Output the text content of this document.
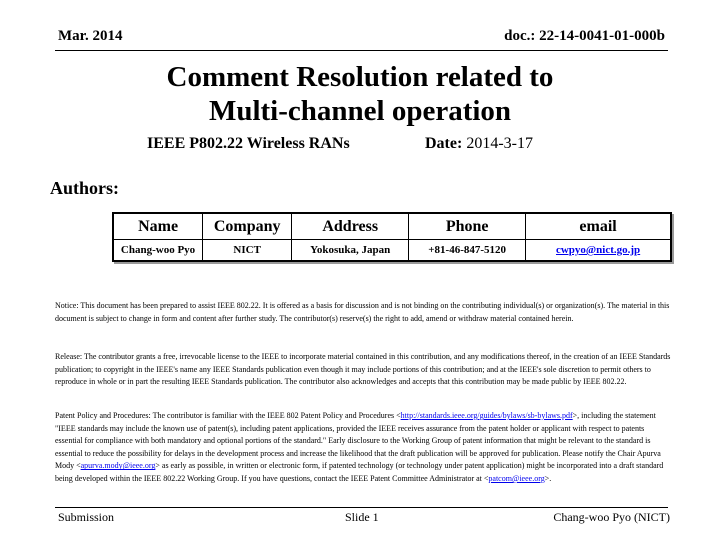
Mar. 2014	doc.: 22-14-0041-01-000b
Comment Resolution related to
Multi-channel operation
IEEE P802.22 Wireless RANs	Date: 2014-3-17
Authors:
Name	Company	Address	Phone	email
Chang-woo Pyo	NICT	Yokosuka, Japan	+81-46-847-5120	cwpyo@nict.go.jp
Notice: This document has been prepared to assist IEEE 802.22. It is offered as a basis for discussion and is not binding on the contributing individual(s) or organization(s). The material in this document is subject to change in form and content after further study. The contributor(s) reserve(s) the right to add, amend or withdraw material contained herein.
Release: The contributor grants a free, irrevocable license to the IEEE to incorporate material contained in this contribution, and any modifications thereof, in the creation of an IEEE Standards publication; to copyright in the IEEE's name any IEEE Standards publication even though it may include portions of this contribution; and at the IEEE's sole discretion to permit others to reproduce in whole or in part the resulting IEEE Standards publication. The contributor also acknowledges and accepts that this contribution may be made public by IEEE 802.22.
Patent Policy and Procedures: The contributor is familiar with the IEEE 802 Patent Policy and Procedures <http://standards.ieee.org/guides/bylaws/sb-bylaws.pdf>, including the statement "IEEE standards may include the known use of patent(s), including patent applications, provided the IEEE receives assurance from the patent holder or applicant with respect to patents essential for compliance with both mandatory and optional portions of the standard." Early disclosure to the Working Group of patent information that might be relevant to the standard is essential to reduce the possibility for delays in the development process and increase the likelihood that the draft publication will be approved for publication. Please notify the Chair Apurva Mody <apurva.mody@ieee.org> as early as possible, in written or electronic form, if patented technology (or technology under patent application) might be incorporated into a draft standard being developed within the IEEE 802.22 Working Group. If you have questions, contact the IEEE Patent Committee Administrator at <patcom@ieee.org>.
Submission	Slide 1	Chang-woo Pyo (NICT)
